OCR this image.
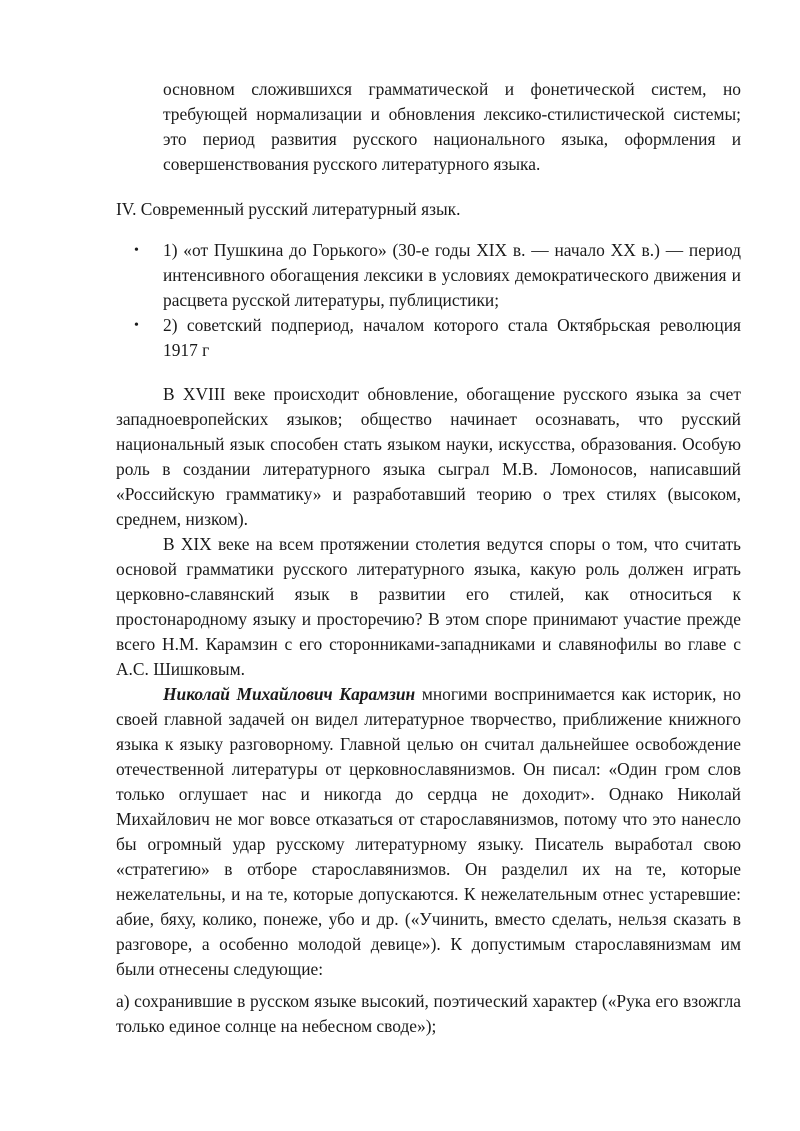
основном сложившихся грамматической и фонетической систем, но требующей нормализации и обновления лексико-стилистической системы; это период развития русского национального языка, оформления и совершенствования русского литературного языка.

IV. Современный русский литературный язык.

• 1) «от Пушкина до Горького» (30-е годы XIX в. — начало XX в.) — период интенсивного обогащения лексики в условиях демократического движения и расцвета русской литературы, публицистики;
• 2) советский подпериод, началом которого стала Октябрьская революция 1917 г

В XVIII веке происходит обновление, обогащение русского языка за счет западноевропейских языков; общество начинает осознавать, что русский национальный язык способен стать языком науки, искусства, образования. Особую роль в создании литературного языка сыграл М.В. Ломоносов, написавший «Российскую грамматику» и разработавший теорию о трех стилях (высоком, среднем, низком).

В XIX веке на всем протяжении столетия ведутся споры о том, что считать основой грамматики русского литературного языка, какую роль должен играть церковно-славянский язык в развитии его стилей, как относиться к простонародному языку и просторечию? В этом споре принимают участие прежде всего Н.М. Карамзин с его сторонниками-западниками и славянофилы во главе с А.С. Шишковым.

Николай Михайлович Карамзин многими воспринимается как историк, но своей главной задачей он видел литературное творчество, приближение книжного языка к языку разговорному. Главной целью он считал дальнейшее освобождение отечественной литературы от церковнославянизмов. Он писал: «Один гром слов только оглушает нас и никогда до сердца не доходит». Однако Николай Михайлович не мог вовсе отказаться от старославянизмов, потому что это нанесло бы огромный удар русскому литературному языку. Писатель выработал свою «стратегию» в отборе старославянизмов. Он разделил их на те, которые нежелательны, и на те, которые допускаются. К нежелательным отнес устаревшие: абие, бяху, колико, понеже, убо и др. («Учинить, вместо сделать, нельзя сказать в разговоре, а особенно молодой девице»). К допустимым старославянизмам им были отнесены следующие:

а) сохранившие в русском языке высокий, поэтический характер («Рука его взожгла только единое солнце на небесном своде»);
